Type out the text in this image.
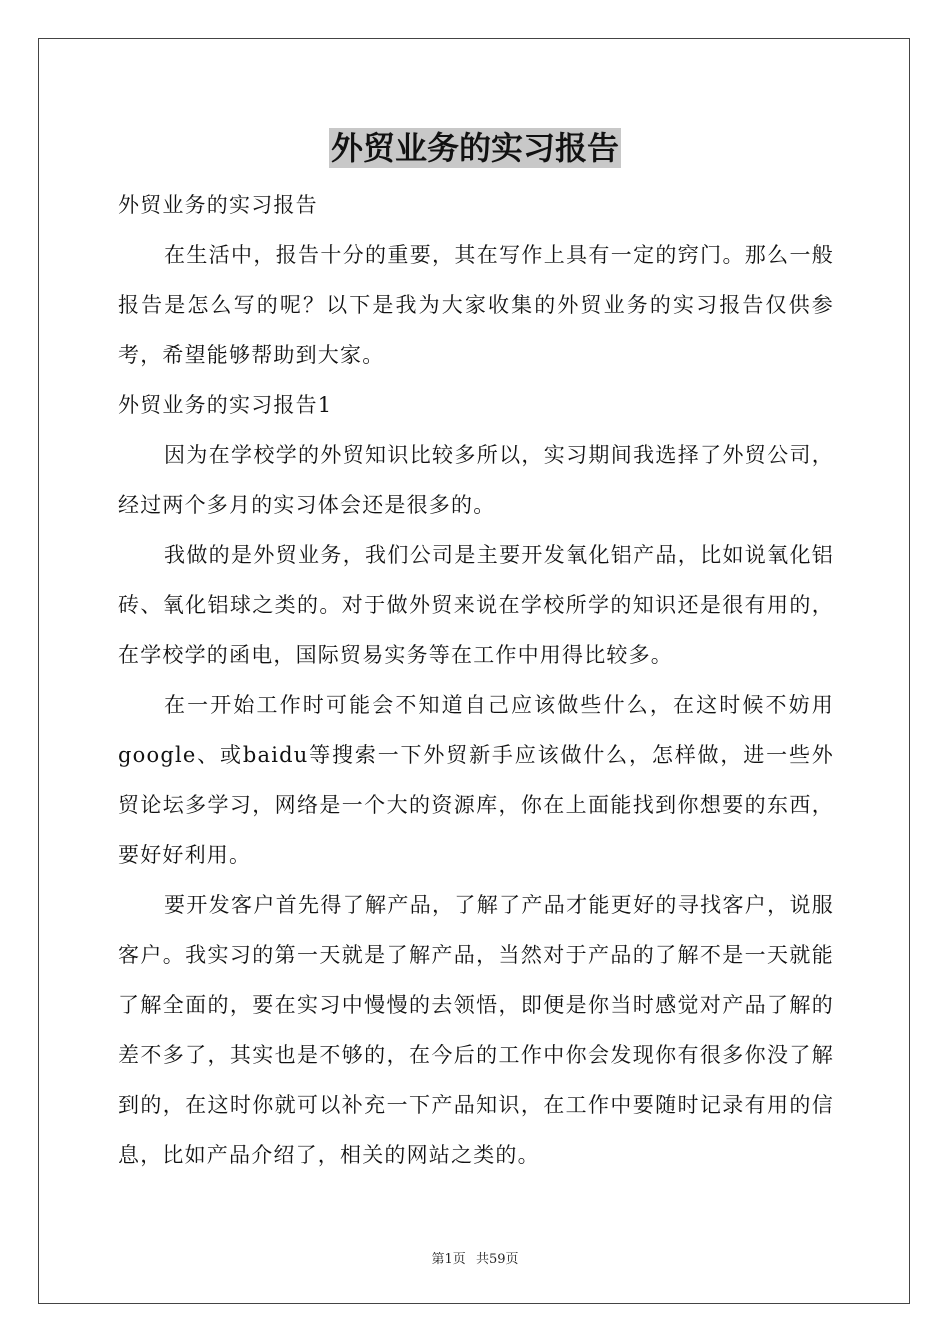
外贸业务的实习报告

外贸业务的实习报告

在生活中，报告十分的重要，其在写作上具有一定的窍门。那么一般报告是怎么写的呢？以下是我为大家收集的外贸业务的实习报告仅供参考，希望能够帮助到大家。

外贸业务的实习报告1

因为在学校学的外贸知识比较多所以，实习期间我选择了外贸公司，经过两个多月的实习体会还是很多的。

我做的是外贸业务，我们公司是主要开发氧化铝产品，比如说氧化铝砖、氧化铝球之类的。对于做外贸来说在学校所学的知识还是很有用的，在学校学的函电，国际贸易实务等在工作中用得比较多。

在一开始工作时可能会不知道自己应该做些什么，在这时候不妨用google、或baidu等搜索一下外贸新手应该做什么，怎样做，进一些外贸论坛多学习，网络是一个大的资源库，你在上面能找到你想要的东西，要好好利用。

要开发客户首先得了解产品，了解了产品才能更好的寻找客户，说服客户。我实习的第一天就是了解产品，当然对于产品的了解不是一天就能了解全面的，要在实习中慢慢的去领悟，即便是你当时感觉对产品了解的差不多了，其实也是不够的，在今后的工作中你会发现你有很多你没了解到的，在这时你就可以补充一下产品知识，在工作中要随时记录有用的信息，比如产品介绍了，相关的网站之类的。

第1页 共59页
